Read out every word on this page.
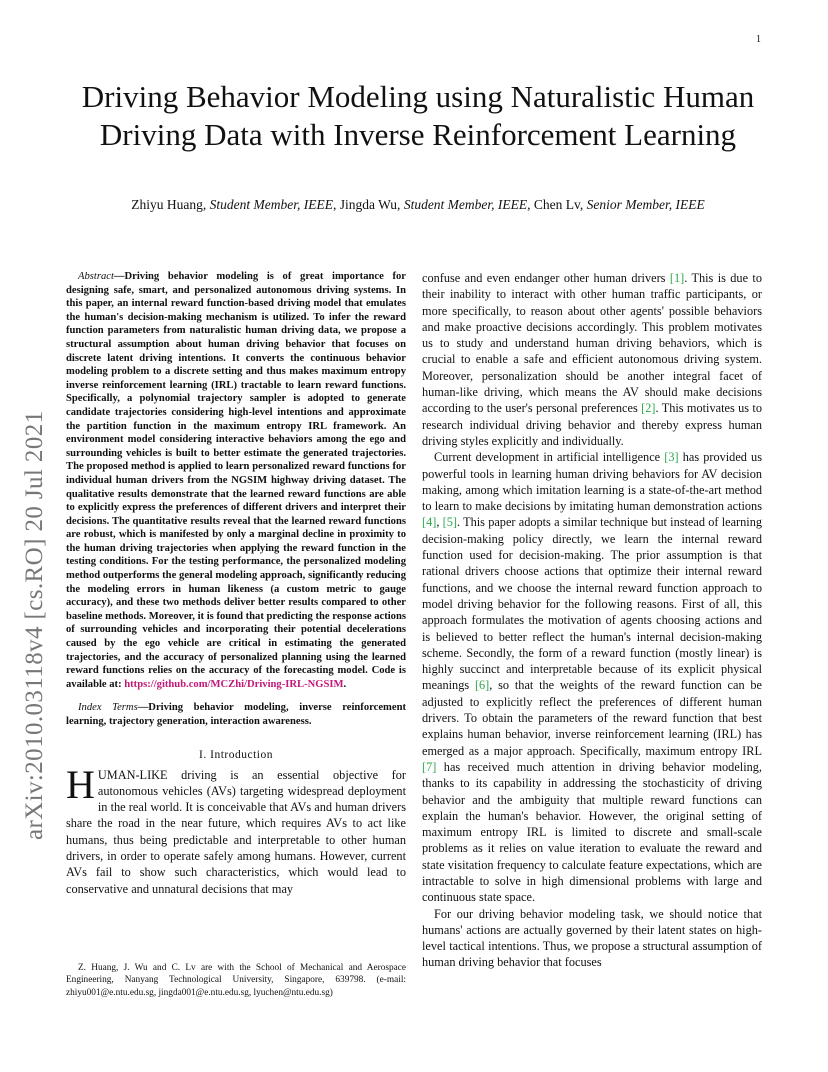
1
arXiv:2010.03118v4 [cs.RO] 20 Jul 2021
Driving Behavior Modeling using Naturalistic Human Driving Data with Inverse Reinforcement Learning

Zhiyu Huang, Student Member, IEEE, Jingda Wu, Student Member, IEEE, Chen Lv, Senior Member, IEEE

Abstract—Driving behavior modeling is of great importance for designing safe, smart, and personalized autonomous driving systems. In this paper, an internal reward function-based driving model that emulates the human's decision-making mechanism is utilized. To infer the reward function parameters from naturalistic human driving data, we propose a structural assumption about human driving behavior that focuses on discrete latent driving intentions. It converts the continuous behavior modeling problem to a discrete setting and thus makes maximum entropy inverse reinforcement learning (IRL) tractable to learn reward functions. Specifically, a polynomial trajectory sampler is adopted to generate candidate trajectories considering high-level intentions and approximate the partition function in the maximum entropy IRL framework. An environment model considering interactive behaviors among the ego and surrounding vehicles is built to better estimate the generated trajectories. The proposed method is applied to learn personalized reward functions for individual human drivers from the NGSIM highway driving dataset. The qualitative results demonstrate that the learned reward functions are able to explicitly express the preferences of different drivers and interpret their decisions. The quantitative results reveal that the learned reward functions are robust, which is manifested by only a marginal decline in proximity to the human driving trajectories when applying the reward function in the testing conditions. For the testing performance, the personalized modeling method outperforms the general modeling approach, significantly reducing the modeling errors in human likeness (a custom metric to gauge accuracy), and these two methods deliver better results compared to other baseline methods. Moreover, it is found that predicting the response actions of surrounding vehicles and incorporating their potential decelerations caused by the ego vehicle are critical in estimating the generated trajectories, and the accuracy of personalized planning using the learned reward functions relies on the accuracy of the forecasting model. Code is available at: https://github.com/MCZhi/Driving-IRL-NGSIM.

Index Terms—Driving behavior modeling, inverse reinforcement learning, trajectory generation, interaction awareness.

I. Introduction

HUMAN-LIKE driving is an essential objective for autonomous vehicles (AVs) targeting widespread deployment in the real world. It is conceivable that AVs and human drivers share the road in the near future, which requires AVs to act like humans, thus being predictable and interpretable to other human drivers, in order to operate safely among humans. However, current AVs fail to show such characteristics, which would lead to conservative and unnatural decisions that may

Z. Huang, J. Wu and C. Lv are with the School of Mechanical and Aerospace Engineering, Nanyang Technological University, Singapore, 639798. (e-mail: zhiyu001@e.ntu.edu.sg, jingda001@e.ntu.edu.sg, lyuchen@ntu.edu.sg)

confuse and even endanger other human drivers [1]. This is due to their inability to interact with other human traffic participants, or more specifically, to reason about other agents' possible behaviors and make proactive decisions accordingly. This problem motivates us to study and understand human driving behaviors, which is crucial to enable a safe and efficient autonomous driving system. Moreover, personalization should be another integral facet of human-like driving, which means the AV should make decisions according to the user's personal preferences [2]. This motivates us to research individual driving behavior and thereby express human driving styles explicitly and individually.

Current development in artificial intelligence [3] has provided us powerful tools in learning human driving behaviors for AV decision making, among which imitation learning is a state-of-the-art method to learn to make decisions by imitating human demonstration actions [4], [5]. This paper adopts a similar technique but instead of learning decision-making policy directly, we learn the internal reward function used for decision-making. The prior assumption is that rational drivers choose actions that optimize their internal reward functions, and we choose the internal reward function approach to model driving behavior for the following reasons. First of all, this approach formulates the motivation of agents choosing actions and is believed to better reflect the human's internal decision-making scheme. Secondly, the form of a reward function (mostly linear) is highly succinct and interpretable because of its explicit physical meanings [6], so that the weights of the reward function can be adjusted to explicitly reflect the preferences of different human drivers. To obtain the parameters of the reward function that best explains human behavior, inverse reinforcement learning (IRL) has emerged as a major approach. Specifically, maximum entropy IRL [7] has received much attention in driving behavior modeling, thanks to its capability in addressing the stochasticity of driving behavior and the ambiguity that multiple reward functions can explain the human's behavior. However, the original setting of maximum entropy IRL is limited to discrete and small-scale problems as it relies on value iteration to evaluate the reward and state visitation frequency to calculate feature expectations, which are intractable to solve in high dimensional problems with large and continuous state space.

For our driving behavior modeling task, we should notice that humans' actions are actually governed by their latent states on high-level tactical intentions. Thus, we propose a structural assumption of human driving behavior that focuses
